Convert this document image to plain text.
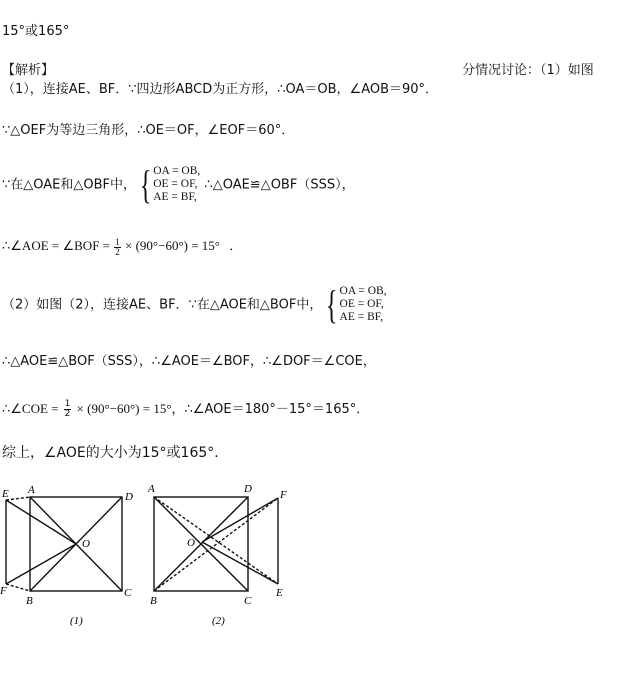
15°或165°
【解析】	分情况讨论：（1）如图
（1），连接AE、BF．∵四边形ABCD为正方形，∴OA＝OB，∠AOB＝90°．
∵△OEF为等边三角形，∴OE＝OF，∠EOF＝60°．
∵在△OAE和△OBF中，{ OA = OB,
OE = OF,
AE = BF,
∴△OAE≌△OBF（SSS），
∴∠AOE = ∠BOF = $\frac{1}{2} \times (90^\circ-60^\circ) = 15^\circ$ ．
（2）如图（2），连接AE、BF．∵在△AOE和△BOF中，{ OA = OB,
OE = OF,
AE = BF,
∴△AOE≌△BOF（SSS），∴∠AOE＝∠BOF，∴∠DOF＝∠COE，
∴∠COE = $\frac{1}{2} \times (90^\circ-60^\circ) = 15^\circ$，∴∠AOE＝180°－15°＝165°．
综上，∠AOE的大小为15°或165°．
E A
D
O
F
B
C
(1)
A	D	F
O
B	C
E
(2)
